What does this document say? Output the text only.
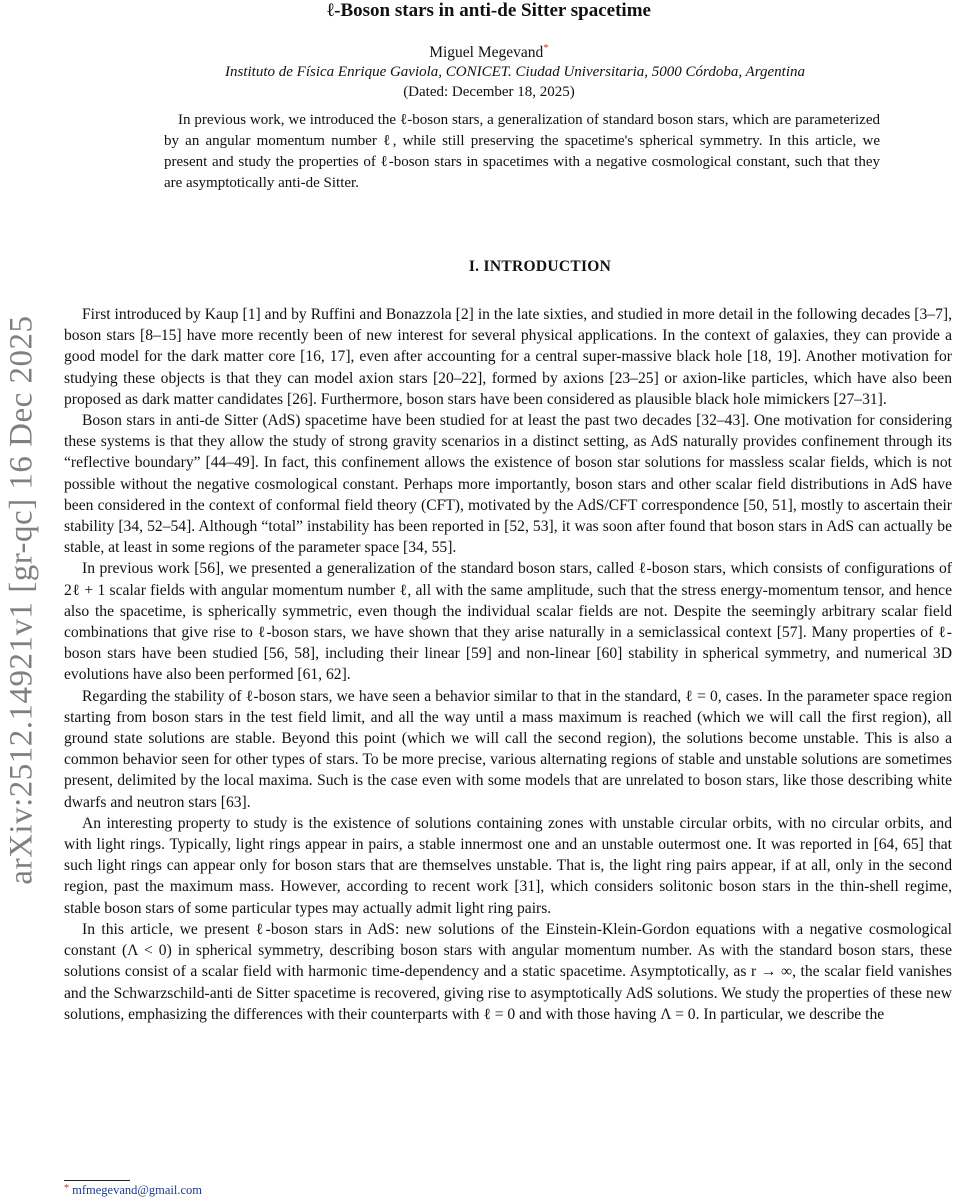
arXiv:2512.14921v1 [gr-qc] 16 Dec 2025
ℓ-Boson stars in anti-de Sitter spacetime
Miguel Megevand*
Instituto de Física Enrique Gaviola, CONICET. Ciudad Universitaria, 5000 Córdoba, Argentina
(Dated: December 18, 2025)
In previous work, we introduced the ℓ-boson stars, a generalization of standard boson stars, which are parameterized by an angular momentum number ℓ, while still preserving the spacetime's spherical symmetry. In this article, we present and study the properties of ℓ-boson stars in spacetimes with a negative cosmological constant, such that they are asymptotically anti-de Sitter.
I. INTRODUCTION

First introduced by Kaup [1] and by Ruffini and Bonazzola [2] in the late sixties, and studied in more detail in the following decades [3–7], boson stars [8–15] have more recently been of new interest for several physical applications. In the context of galaxies, they can provide a good model for the dark matter core [16, 17], even after accounting for a central super-massive black hole [18, 19]. Another motivation for studying these objects is that they can model axion stars [20–22], formed by axions [23–25] or axion-like particles, which have also been proposed as dark matter candidates [26]. Furthermore, boson stars have been considered as plausible black hole mimickers [27–31].

Boson stars in anti-de Sitter (AdS) spacetime have been studied for at least the past two decades [32–43]. One motivation for considering these systems is that they allow the study of strong gravity scenarios in a distinct setting, as AdS naturally provides confinement through its “reflective boundary” [44–49]. In fact, this confinement allows the existence of boson star solutions for massless scalar fields, which is not possible without the negative cosmological constant. Perhaps more importantly, boson stars and other scalar field distributions in AdS have been considered in the context of conformal field theory (CFT), motivated by the AdS/CFT correspondence [50, 51], mostly to ascertain their stability [34, 52–54]. Although “total” instability has been reported in [52, 53], it was soon after found that boson stars in AdS can actually be stable, at least in some regions of the parameter space [34, 55].

In previous work [56], we presented a generalization of the standard boson stars, called ℓ-boson stars, which consists of configurations of 2ℓ + 1 scalar fields with angular momentum number ℓ, all with the same amplitude, such that the stress energy-momentum tensor, and hence also the spacetime, is spherically symmetric, even though the individual scalar fields are not. Despite the seemingly arbitrary scalar field combinations that give rise to ℓ-boson stars, we have shown that they arise naturally in a semiclassical context [57]. Many properties of ℓ-boson stars have been studied [56, 58], including their linear [59] and non-linear [60] stability in spherical symmetry, and numerical 3D evolutions have also been performed [61, 62].

Regarding the stability of ℓ-boson stars, we have seen a behavior similar to that in the standard, ℓ = 0, cases. In the parameter space region starting from boson stars in the test field limit, and all the way until a mass maximum is reached (which we will call the first region), all ground state solutions are stable. Beyond this point (which we will call the second region), the solutions become unstable. This is also a common behavior seen for other types of stars. To be more precise, various alternating regions of stable and unstable solutions are sometimes present, delimited by the local maxima. Such is the case even with some models that are unrelated to boson stars, like those describing white dwarfs and neutron stars [63].

An interesting property to study is the existence of solutions containing zones with unstable circular orbits, with no circular orbits, and with light rings. Typically, light rings appear in pairs, a stable innermost one and an unstable outermost one. It was reported in [64, 65] that such light rings can appear only for boson stars that are themselves unstable. That is, the light ring pairs appear, if at all, only in the second region, past the maximum mass. However, according to recent work [31], which considers solitonic boson stars in the thin-shell regime, stable boson stars of some particular types may actually admit light ring pairs.

In this article, we present ℓ-boson stars in AdS: new solutions of the Einstein-Klein-Gordon equations with a negative cosmological constant (Λ < 0) in spherical symmetry, describing boson stars with angular momentum number. As with the standard boson stars, these solutions consist of a scalar field with harmonic time-dependency and a static spacetime. Asymptotically, as r → ∞, the scalar field vanishes and the Schwarzschild-anti de Sitter spacetime is recovered, giving rise to asymptotically AdS solutions. We study the properties of these new solutions, emphasizing the differences with their counterparts with ℓ = 0 and with those having Λ = 0. In particular, we describe the

* mfmegevand@gmail.com
